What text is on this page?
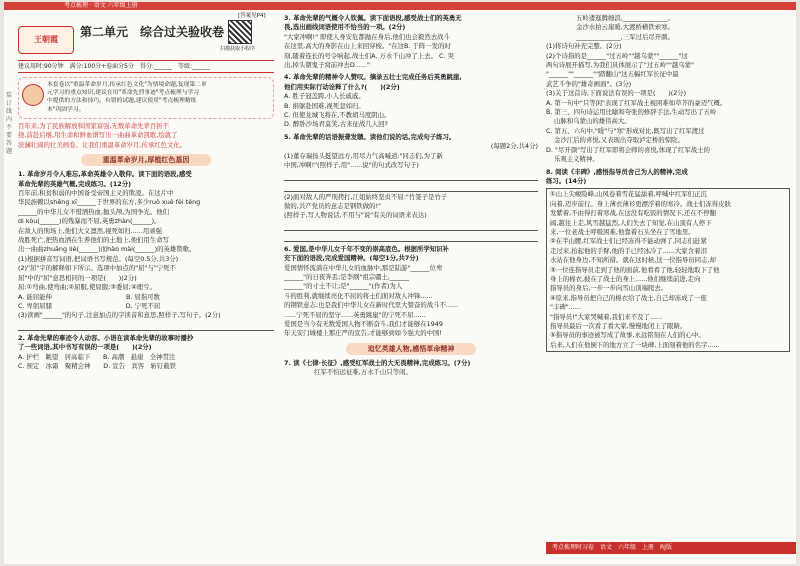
考点梳理 · 语文 六年级上册
装订线内不要答题
[答案见P4]
王朝霞
第二单元　综合过关验收卷
扫描获取小程序
建议用时:90分钟　满分:100分+卷面分5分　得分:______　等级:______

本套卷以"重温革命岁月,传承红色文化"为情境命题,复现第二单

元学习的重点知识,建议在用"革命先烈事迹"考点梳理与学习

中提供的方法和技巧。有错的试题,建议使用"考点梳理精练

本"巩固学习。

百年来,为了民族解放和国家富强,无数革命先辈百折不

挠,前赴后继,用生命和鲜血谱写出一曲曲革命凯歌,绘就了

波澜壮阔的壮美画卷。让我们重温革命岁月,传承红色文化。

重温革命岁月,厚植红色基因

1. 革命岁月令人难忘,革命英雄令人敬仰。读下面的语段,感受

革命先辈的英雄气概,完成练习。(12分)

百年前,积贫积弱的中国备受帝国主义的欺凌。在这片中

华民族赖以shēng xī______于世界的东方,多少ruò xuè fèi téng

______的中华儿女不惜洒热血,抛头颅,为国争光。他们

di kòu(______)的残暴而不屈,英勇zhàn(______)。

在敌人的刑场上,他们大义凛然,视死如归......用顽强

战胜死亡,把热血洒在生养他们的土地上,他们用生命写

出一曲曲zhuāng liè(______)而hào mài(______)的英雄赞歌。

(1)根据拼音写词语,把词语书写规范。(每空0.5分,共3分)

(2)"屈"字的解释如下所示。选项中加点的"屈"与"宁死不

屈"中的"屈"意思相同的一项是(　　)(2分)

屈:①弯曲,使弯曲;②屈服,使屈服;③委屈;④理亏。

A. 能屈能伸	B. 屈指可数
C. 卑躬屈膝	D. 宁死不屈

(3)读画"______"的句子,注意加点的字读音和意思,照样子,写句子。(2分)

2. 革命先辈的事迹令人动容。小语在读革命先辈的故事时播抄

了一些词语,其中书写有误的一项是(　　)(2分)

A. 护栏　眺望　居高临下　　B. 高潮　悬崖　全神贯注

C. 预定　冰霜　聚精会神　　D. 宣告　宾客　斩钉截铁

3. 革命先辈的气概令人钦佩。读下面语段,感受战士们的英勇无

畏,选出画线词语使用不恰当的一项。(2分)

"大家冲啊!" 即使人身安危都抛在身后,他们也会毅然去战斗

在这里,高大的身影在山上来回穿梭。"在这B. 于阵一发的时

刻,随着连长的号令响起,战士们A. 万水千山冲了上去。 C. 突

出,掉头朝鬼子窝前冲去D......"

4. 革命先辈的精神令人赞叹。摘录五壮士完成任务后英勇跳崖,

他们用实际行动诠释了什么?(　　)(2分)

A. 胜子冠盖跨,小人长戚戚。

B. 捐躯赴国难,视死忽如归。

C. 但使龙城飞将在,不教胡马度阴山。

D. 醉卧沙场君莫笑,古来征战几人回?

5. 革命先辈的话语振聋发聩。读他们说的话,完成句子练习。

(每题2分,共4分)

(1)董存瑞扬头挺望远方,用尽力气高喊道:"同志们,为了新

中国,冲啊!"(照样子,用"......说"的句式改写句子)

(2)面对敌人的严刑拷打,江姐始终坚贞不屈:"竹签子是竹子

做的,共产党员的意志是钢铁做的!"

(照样子,写人物说话,不用与"说"有关的词语来表达)

6. 爱国,是中华儿女千年不变的崇高底色。根据所学知识补

充下面的语段,完成爱国精神。(每空1分,共7分)

爱国情怀流淌在中华儿女的血脉中,那是陆游"______位卑

______"的日夜奔丢;是李纲"祖宗疆土,______

______"的寸土不让;是"______"(作者)为人

斗的胜利,就继续亮化不屈的将士们面对敌人冲锋......

的钢铁意志;也是我们中华儿女在新时代里大赞奋的战斗不......

......宁死不屈的坚守......英勇跳崖"的宁死不屈......

爱国是当今有无数爱国人物不断奋斗,我们才能够在1949

年天安门城楼上那庄严的宣告,才能够到如今强大的中国!

追忆英雄人物,感悟革命精神

7. 读《七律·长征》,感受红军战士的大无畏精神,完成练习。(7分)

红军不怕远征难,万水千山只等闲。

五岭逶迤腾细浪,______________。

金沙水拍云崖暖,大渡桥横铁索寒。

______________,三军过后尽开颜。

(1)将诗句补充完整。(2分)

(2)个诗指的是______"过五岭""越乌蒙""______"这

两句诗展开描写,为我们具体展示了"过五岭""越乌蒙"

"______""______""踏翻山"这五幅红军长征中最

武艺斗争的"雄奇画面"。(3分)

(3)关于这首诗,下面说法有误的一项是(　　)(2分)

A. 第一句中"只等闲"表现了红军战士视困难如草芥的豪迈气概。

B. 第三、四句诗运用比喻和夸张的修辞手法,生动写出了五岭

山脉和乌蒙山的雄伟高大。

C. 第五、六句中,"暖"与"寒"形成对比,既写出了红军渡过

金沙江后的喜悦,又表现出夺取泸定桥的惊险。

D. "尽开颜"写出了红军即将会师的喜悦,体现了红军战士的

乐观主义精神。

8. 阅读《丰碑》,感悟指导员舍己为人的精神,完成

练习。(14分)

①山上尖峻险峰,山风卷着雪花猛舔着,呼喊中红军们正沉

向着,迈步前行。身上薄衣薄衫更漂浮着的寒冷。战士们冻得皮肤

发紫着,不由得打着寒战,在这没有吃饭的情况下,还在不停翻

阔,越往上走,风雪越猛烈,人们失去了知觉,在山顶有人停下

来,一位老战士呼吸困难,他靠着石头坐在了雪地里。

②在半山腰,红军战士们已经冻得不能动弹了,同志们赶紧

走过来,抬起他的手臂,他的手已经冰冷了......大家含着泪

水站在他身边,不知所措。就在这时候,这一位指导员同志,却

③一位连指导员走到了他的面前,他看看了他,轻轻地取下了他

身上的棉衣,披在了战士的身上......他们继续前进,走向

指导员的身后,一步一步向雪山顶端爬去。

④原来,指导员把自己的棉衣给了战士,自己却冻成了一座

"丰碑"......

"指导员!"大家哭喊着,我们来不及了......

指导员最后一次看了看大家,慢慢地闭上了眼睛。

⑤指导员的事迹被写成了故事,永远铭刻在人们的心中。

后来,人们在他倒下的地方立了一块碑,上面刻着他的名字......

考点梳理时习卷　语文　六年级　上册　RJ版	7
